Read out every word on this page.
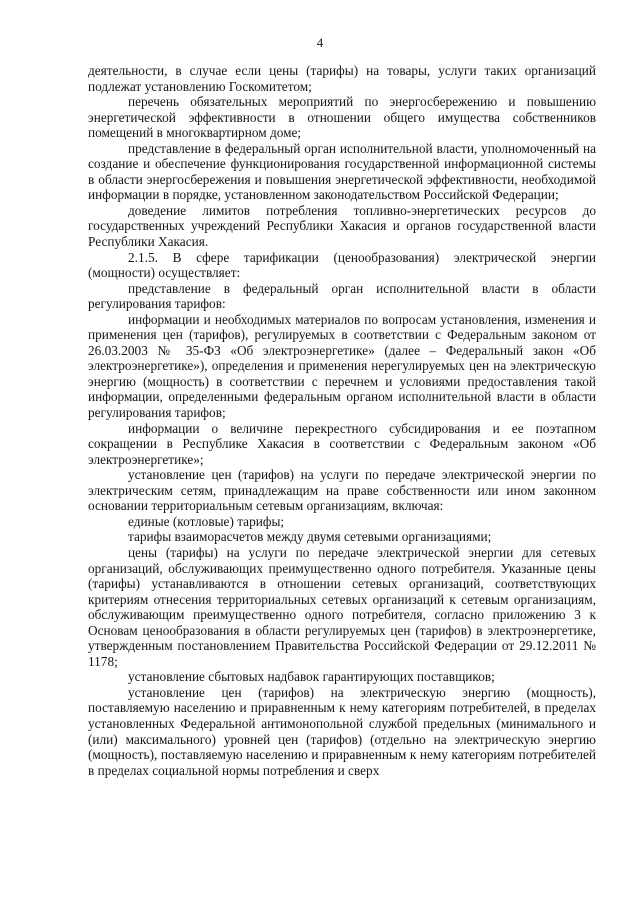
4

деятельности, в случае если цены (тарифы) на товары, услуги таких организаций подлежат установлению Госкомитетом;

перечень обязательных мероприятий по энергосбережению и повышению энергетической эффективности в отношении общего имущества собственников помещений в многоквартирном доме;

представление в федеральный орган исполнительной власти, уполномоченный на создание и обеспечение функционирования государственной информационной системы в области энергосбережения и повышения энергетической эффективности, необходимой информации в порядке, установленном законодательством Российской Федерации;

доведение лимитов потребления топливно-энергетических ресурсов до государственных учреждений Республики Хакасия и органов государственной власти Республики Хакасия.

2.1.5. В сфере тарификации (ценообразования) электрической энергии (мощности) осуществляет:

представление в федеральный орган исполнительной власти в области регулирования тарифов:

информации и необходимых материалов по вопросам установления, изменения и применения цен (тарифов), регулируемых в соответствии с Федеральным законом от 26.03.2003 № 35-ФЗ «Об электроэнергетике» (далее – Федеральный закон «Об электроэнергетике»), определения и применения нерегулируемых цен на электрическую энергию (мощность) в соответствии с перечнем и условиями предоставления такой информации, определенными федеральным органом исполнительной власти в области регулирования тарифов;

информации о величине перекрестного субсидирования и ее поэтапном сокращении в Республике Хакасия в соответствии с Федеральным законом «Об электроэнергетике»;

установление цен (тарифов) на услуги по передаче электрической энергии по электрическим сетям, принадлежащим на праве собственности или ином законном основании территориальным сетевым организациям, включая:

единые (котловые) тарифы;

тарифы взаиморасчетов между двумя сетевыми организациями;

цены (тарифы) на услуги по передаче электрической энергии для сетевых организаций, обслуживающих преимущественно одного потребителя. Указанные цены (тарифы) устанавливаются в отношении сетевых организаций, соответствующих критериям отнесения территориальных сетевых организаций к сетевым организациям, обслуживающим преимущественно одного потребителя, согласно приложению 3 к Основам ценообразования в области регулируемых цен (тарифов) в электроэнергетике, утвержденным постановлением Правительства Российской Федерации от 29.12.2011 № 1178;

установление сбытовых надбавок гарантирующих поставщиков;

установление цен (тарифов) на электрическую энергию (мощность), поставляемую населению и приравненным к нему категориям потребителей, в пределах установленных Федеральной антимонопольной службой предельных (минимального и (или) максимального) уровней цен (тарифов) (отдельно на электрическую энергию (мощность), поставляемую населению и приравненным к нему категориям потребителей в пределах социальной нормы потребления и сверх
